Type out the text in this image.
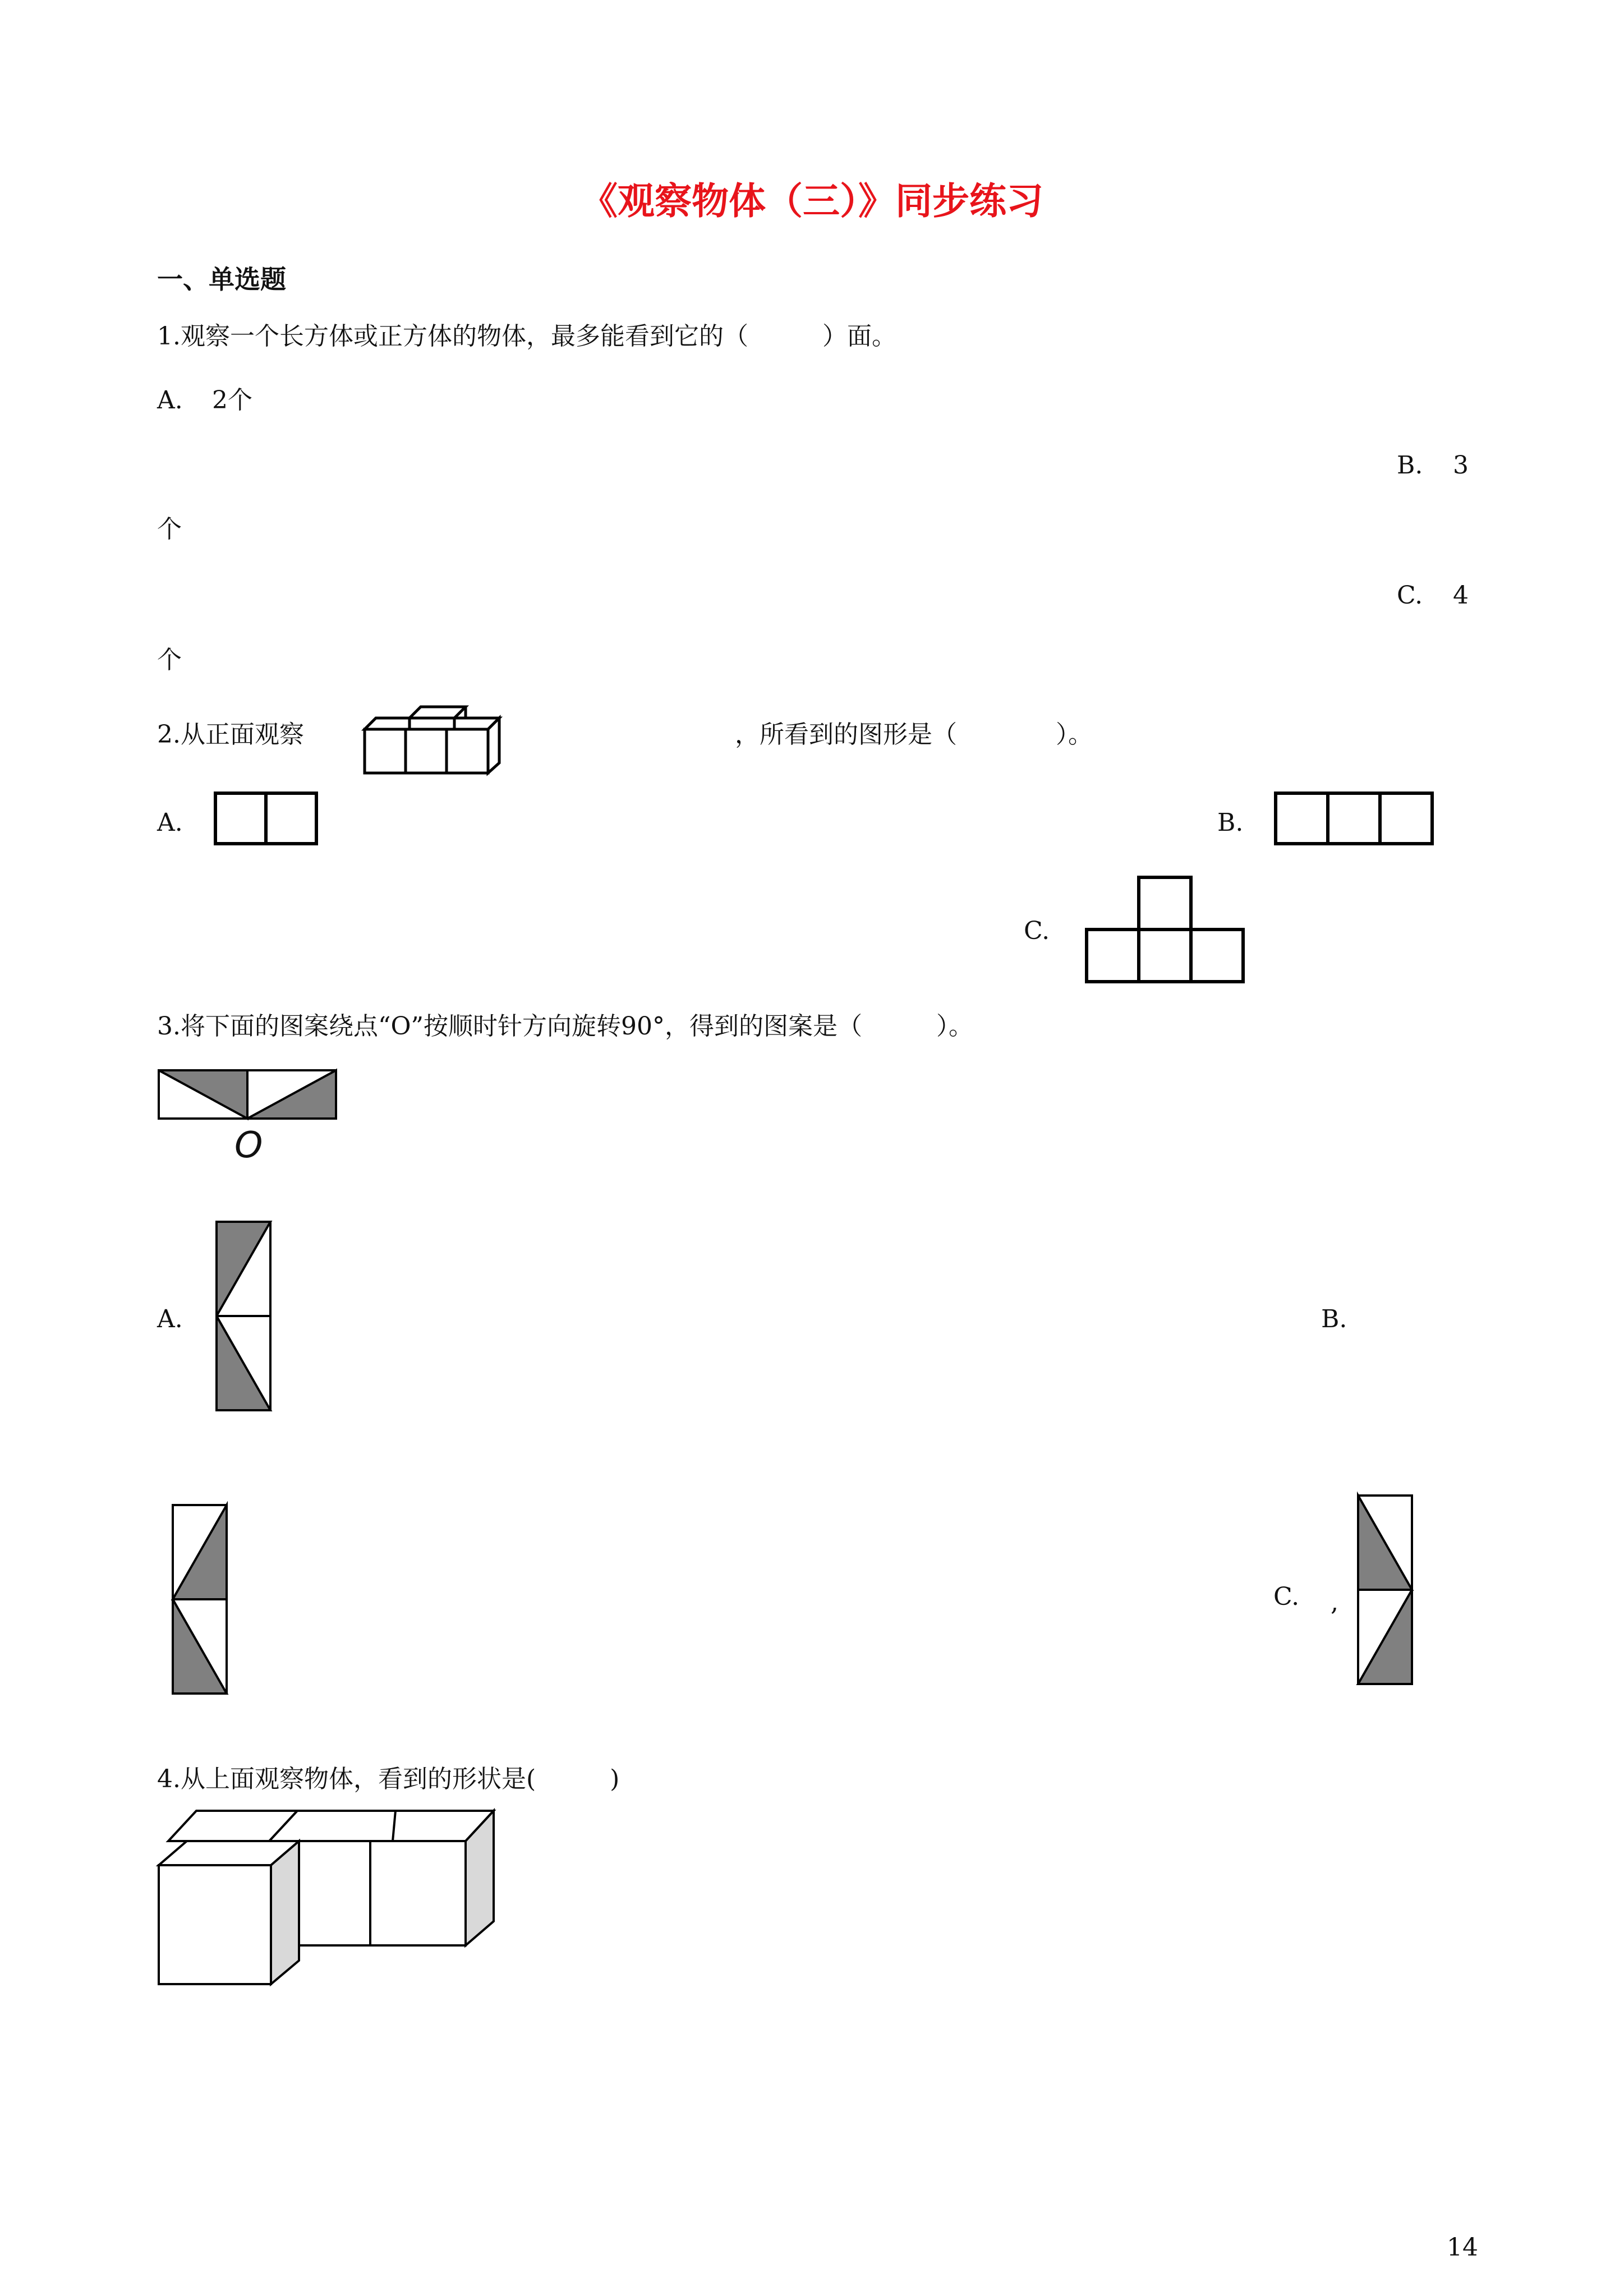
《观察物体（三）》同步练习
一、单选题
1.观察一个长方体或正方体的物体，最多能看到它的（　　　）面。
A. 2个
B. 3
个
C. 4
个
2.从正面观察	，所看到的图形是（　　　　）。
A.	B.
C.
3.将下面的图案绕点“O”按顺时针方向旋转90°，得到的图案是（　　　）。
O
A.	B.
C. ,
4.从上面观察物体，看到的形状是(　　　)
14
